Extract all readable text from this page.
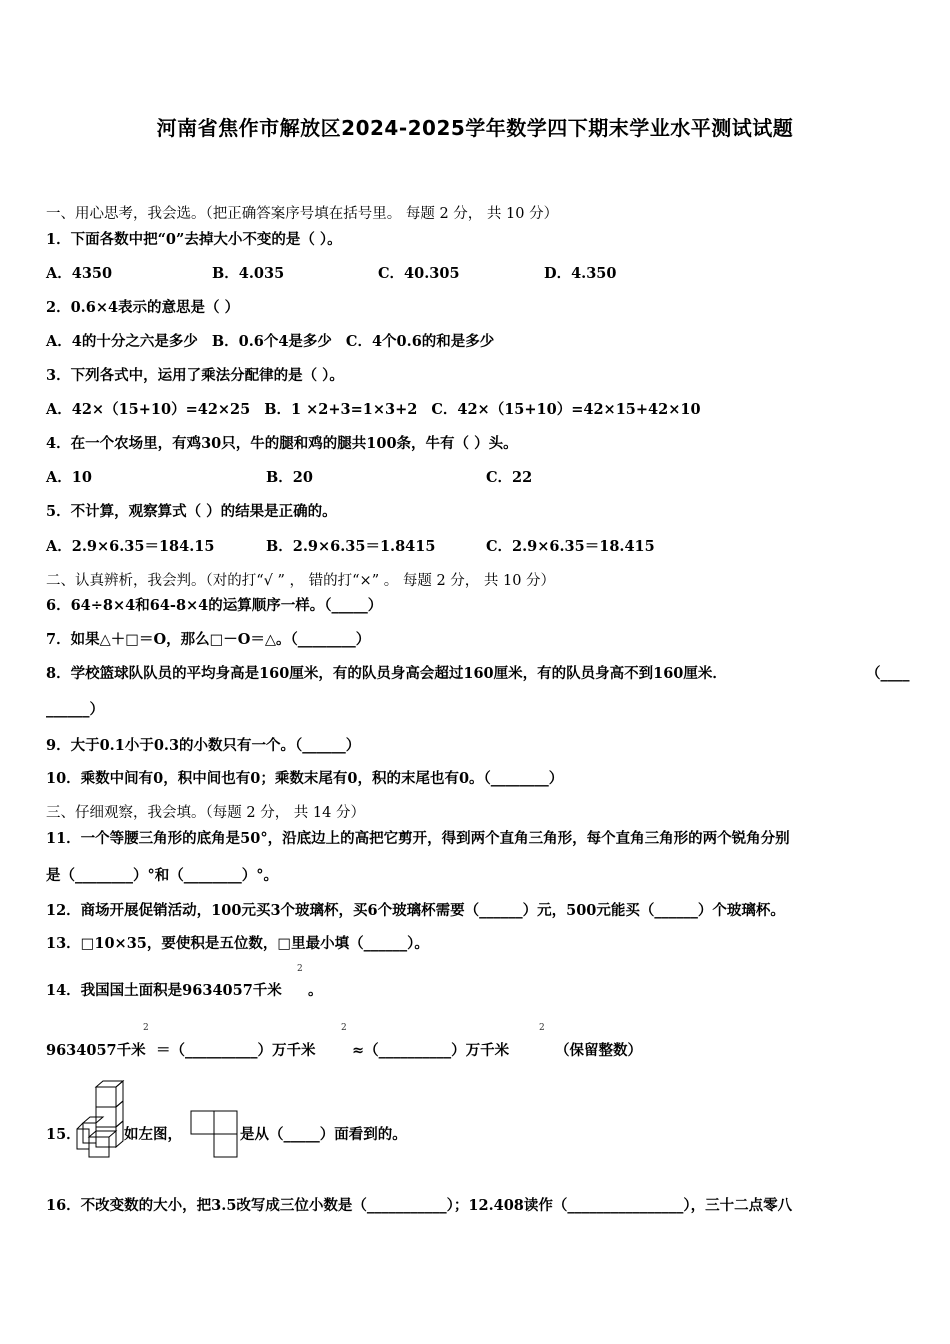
河南省焦作市解放区2024-2025学年数学四下期末学业水平测试试题
一、用心思考，我会选。（把正确答案序号填在括号里。 每题 2 分， 共 10 分）
1．下面各数中把“0”去掉大小不变的是（ ）。
A．4350	B．4.035	C．40.305	D．4.350
2．0.6×4表示的意思是（ ）
A．4的十分之六是多少 B．0.6个4是多少 C．4个0.6的和是多少
3．下列各式中，运用了乘法分配律的是（ ）。
A．42×（15+10）=42×25 B．1 ×2+3=1×3+2 C．42×（15+10）=42×15+42×10
4．在一个农场里，有鸡30只，牛的腿和鸡的腿共100条，牛有（ ）头。
A．10	B．20	C．22
5．不计算，观察算式（ ）的结果是正确的。
A．2.9×6.35＝184.15	B．2.9×6.35＝1.8415	C．2.9×6.35＝18.415
二、认真辨析，我会判。（对的打“√ ” ， 错的打“×” 。 每题 2 分， 共 10 分）
6．64÷8×4和64-8×4的运算顺序一样。（_____）
7．如果△＋□＝O，那么□－O＝△。（________）
8．学校篮球队队员的平均身高是160厘米，有的队员身高会超过160厘米，有的队员身高不到160厘米．	（____
______）
9．大于0.1小于0.3的小数只有一个。（______）
10．乘数中间有0，积中间也有0；乘数末尾有0，积的末尾也有0。（________）
三、仔细观察，我会填。（每题 2 分， 共 14 分）
11．一个等腰三角形的底角是50°，沿底边上的高把它剪开，得到两个直角三角形，每个直角三角形的两个锐角分别
是（________）°和（________）°。
12．商场开展促销活动，100元买3个玻璃杯，买6个玻璃杯需要（______）元，500元能买（______）个玻璃杯。
13．□10×35，要使积是五位数，□里最小填（______）。
14．我国国土面积是9634057千米
2
。
9634057千米
2
＝（__________）万千米
2
≈（__________）万千米
2
（保留整数）
15．	如左图，	是从（_____）面看到的。
16．不改变数的大小，把3.5改写成三位小数是（___________）；12.408读作（________________），三十二点零八
